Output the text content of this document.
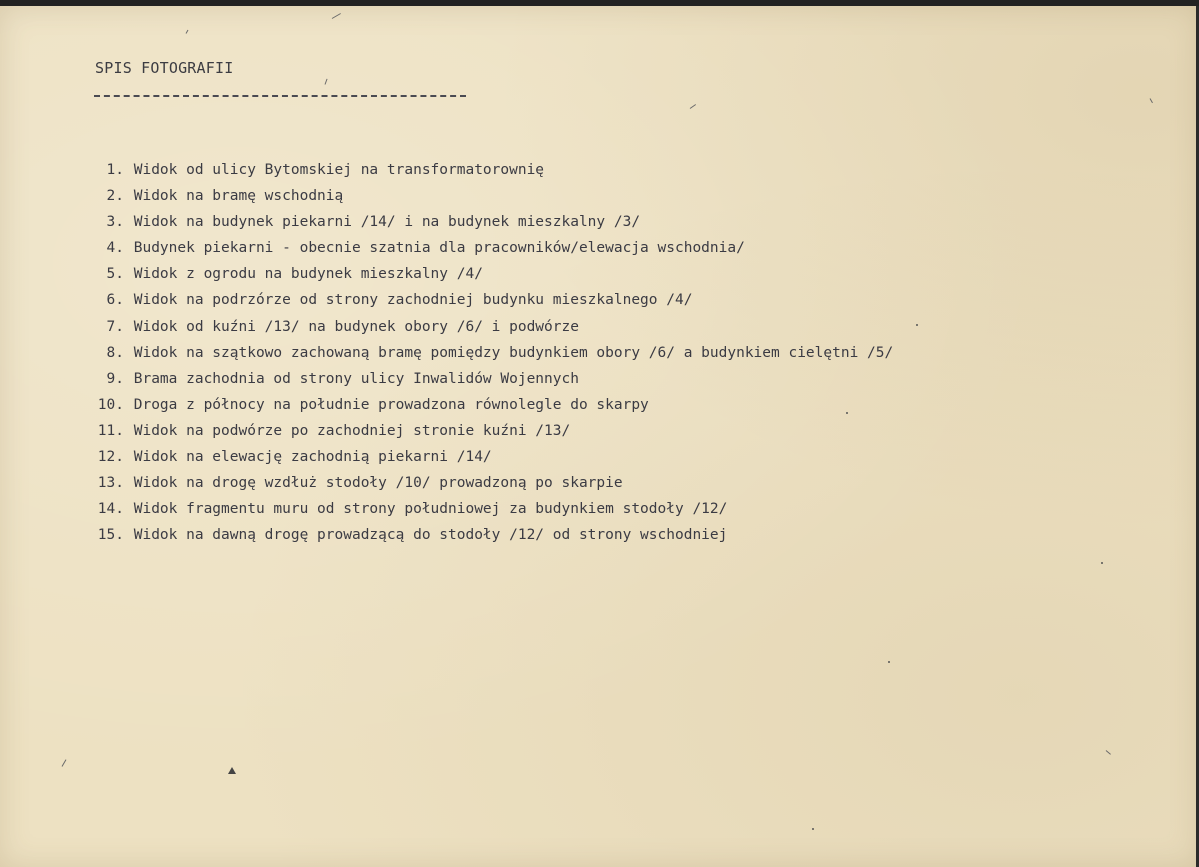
SPIS FOTOGRAFII
1. Widok od ulicy Bytomskiej na transformatorownię
2. Widok na bramę wschodnią
3. Widok na budynek piekarni /14/ i na budynek mieszkalny /3/
4. Budynek piekarni - obecnie szatnia dla pracowników/elewacja wschodnia/
5. Widok z ogrodu na budynek mieszkalny /4/
6. Widok na podrzórze od strony zachodniej budynku mieszkalnego /4/
7. Widok od kuźni /13/ na budynek obory /6/ i podwórze
8. Widok na szątkowo zachowaną bramę pomiędzy budynkiem obory /6/ a budynkiem cielętni /5/
9. Brama zachodnia od strony ulicy Inwalidów Wojennych
10. Droga z północy na południe prowadzona równolegle do skarpy
11. Widok na podwórze po zachodniej stronie kuźni /13/
12. Widok na elewację zachodnią piekarni /14/
13. Widok na drogę wzdłuż stodoły /10/ prowadzoną po skarpie
14. Widok fragmentu muru od strony południowej za budynkiem stodoły /12/
15. Widok na dawną drogę prowadzącą do stodoły /12/ od strony wschodniej
